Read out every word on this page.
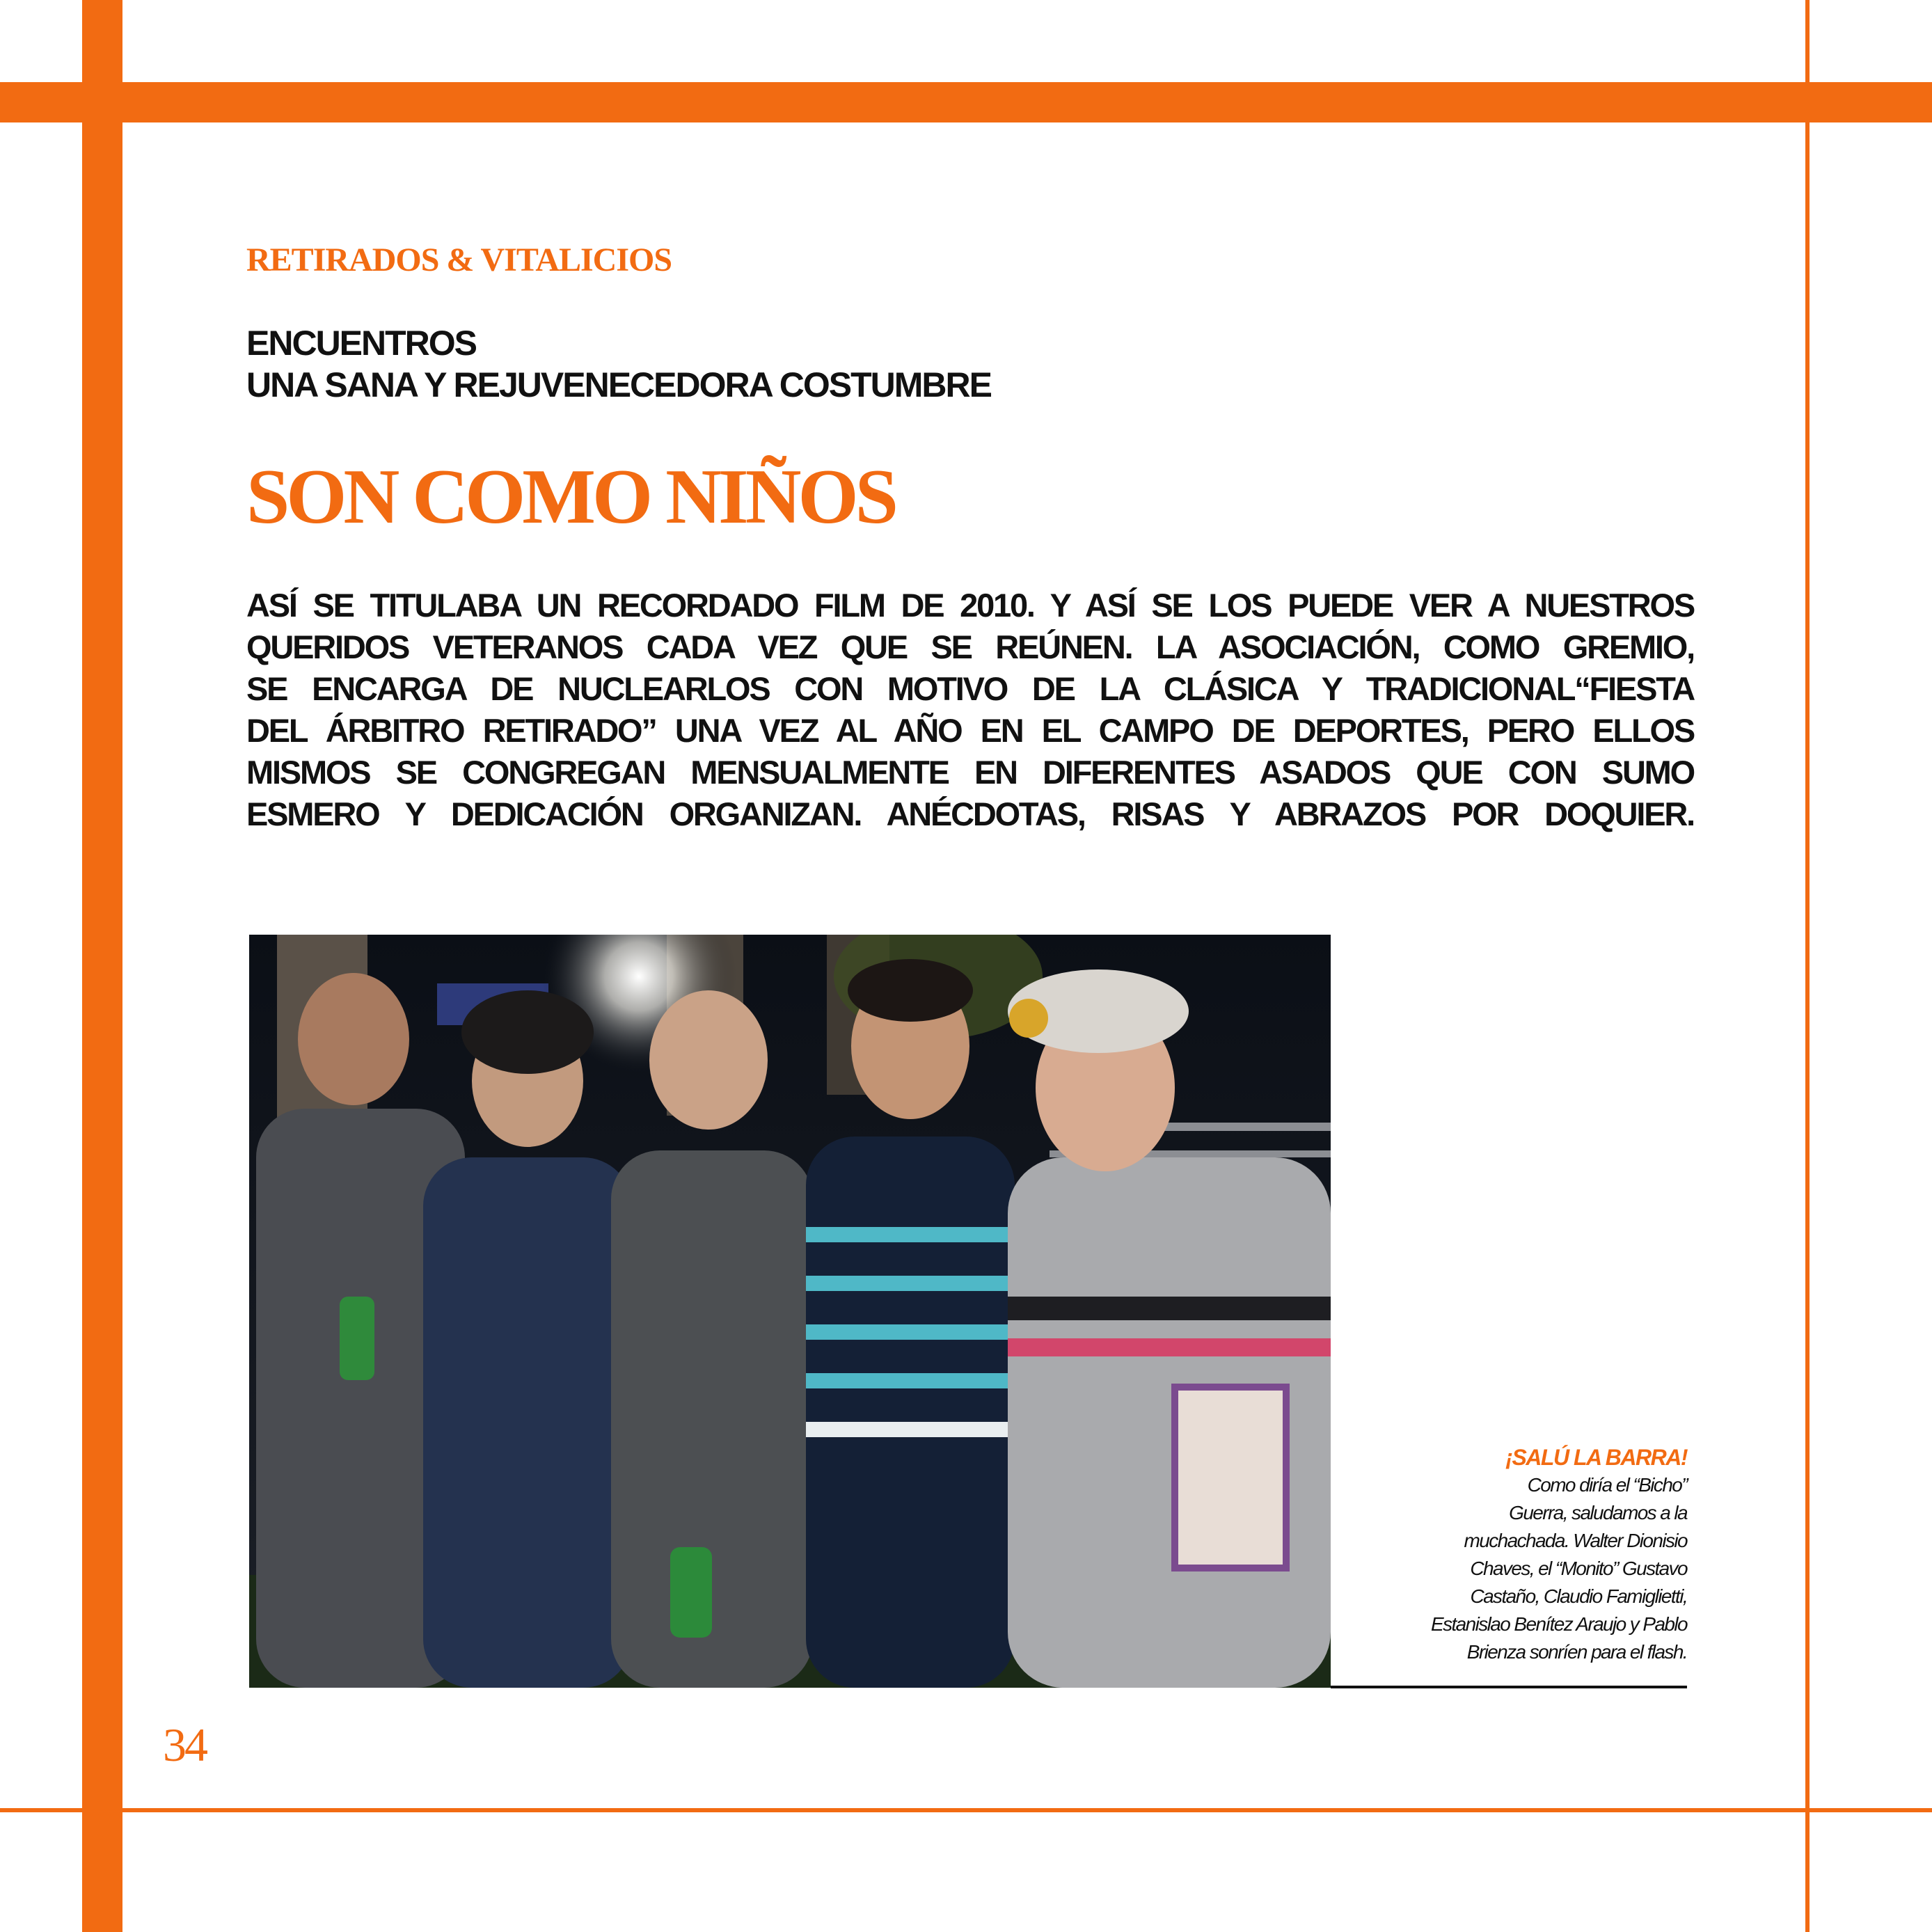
RETIRADOS & VITALICIOS

ENCUENTROS
UNA SANA Y REJUVENECEDORA COSTUMBRE
SON COMO NIÑOS

ASÍ SE TITULABA UN RECORDADO FILM DE 2010. Y ASÍ SE LOS PUEDE VER A NUESTROS
QUERIDOS VETERANOS CADA VEZ QUE SE REÚNEN. LA ASOCIACIÓN, COMO GREMIO,
SE ENCARGA DE NUCLEARLOS CON MOTIVO DE LA CLÁSICA Y TRADICIONAL“FIESTA
DEL ÁRBITRO RETIRADO” UNA VEZ AL AÑO EN EL CAMPO DE DEPORTES, PERO ELLOS
MISMOS SE CONGREGAN MENSUALMENTE EN DIFERENTES ASADOS QUE CON SUMO
ESMERO Y DEDICACIÓN ORGANIZAN. ANÉCDOTAS, RISAS Y ABRAZOS POR DOQUIER.

¡SALÚ LA BARRA!

Como diría el “Bicho”
Guerra, saludamos a la
muchachada. Walter Dionisio
Chaves, el “Monito” Gustavo
Castaño, Claudio Famiglietti,
Estanislao Benítez Araujo y Pablo
Brienza sonríen para el flash.

34
